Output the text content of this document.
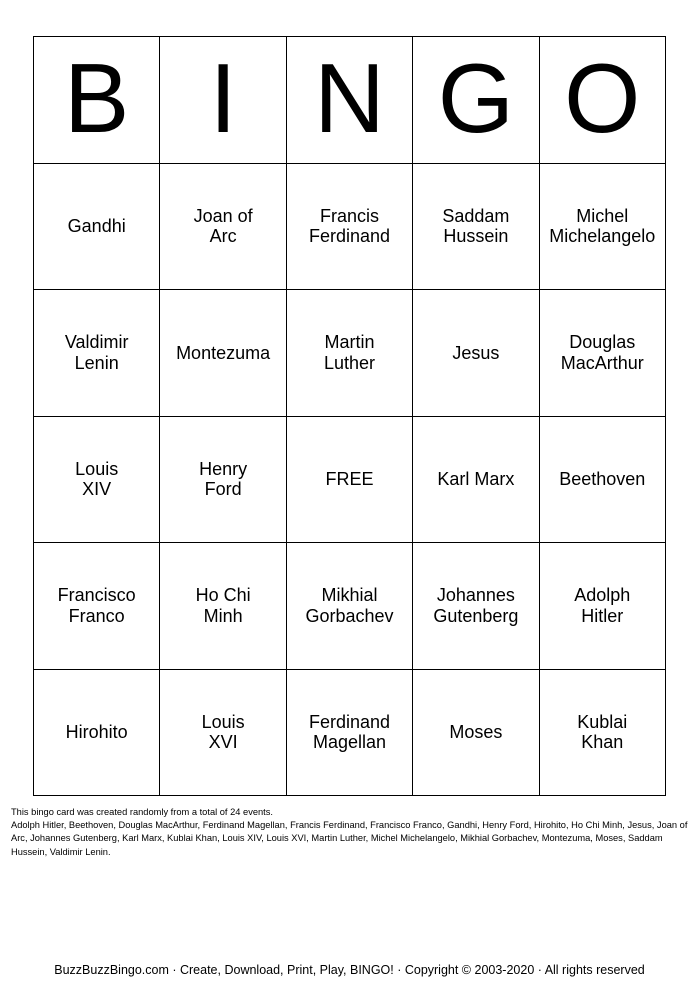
B I N G O
Gandhi
Joan of
Arc
Francis
Ferdinand
Saddam
Hussein
Michel
Michelangelo
Valdimir
Lenin
Montezuma
Martin
Luther
Jesus
Douglas
MacArthur
Louis
XIV
Henry
Ford
FREE	Karl Marx Beethoven
Francisco
Franco
Ho Chi
Minh
Mikhial
Gorbachev
Johannes
Gutenberg
Adolph
Hitler
Hirohito
Louis
XVI
Ferdinand
Magellan
Moses
Kublai
Khan

This bingo card was created randomly from a total of 24 events.

Adolph Hitler, Beethoven, Douglas MacArthur, Ferdinand Magellan, Francis Ferdinand, Francisco Franco, Gandhi, Henry Ford, Hirohito, Ho Chi Minh, Jesus, Joan of Arc, Johannes Gutenberg, Karl Marx, Kublai Khan, Louis XIV, Louis XVI, Martin Luther, Michel Michelangelo, Mikhial Gorbachev, Montezuma, Moses, Saddam Hussein, Valdimir Lenin.

BuzzBuzzBingo.com · Create, Download, Print, Play, BINGO! · Copyright © 2003-2020 · All rights reserved
